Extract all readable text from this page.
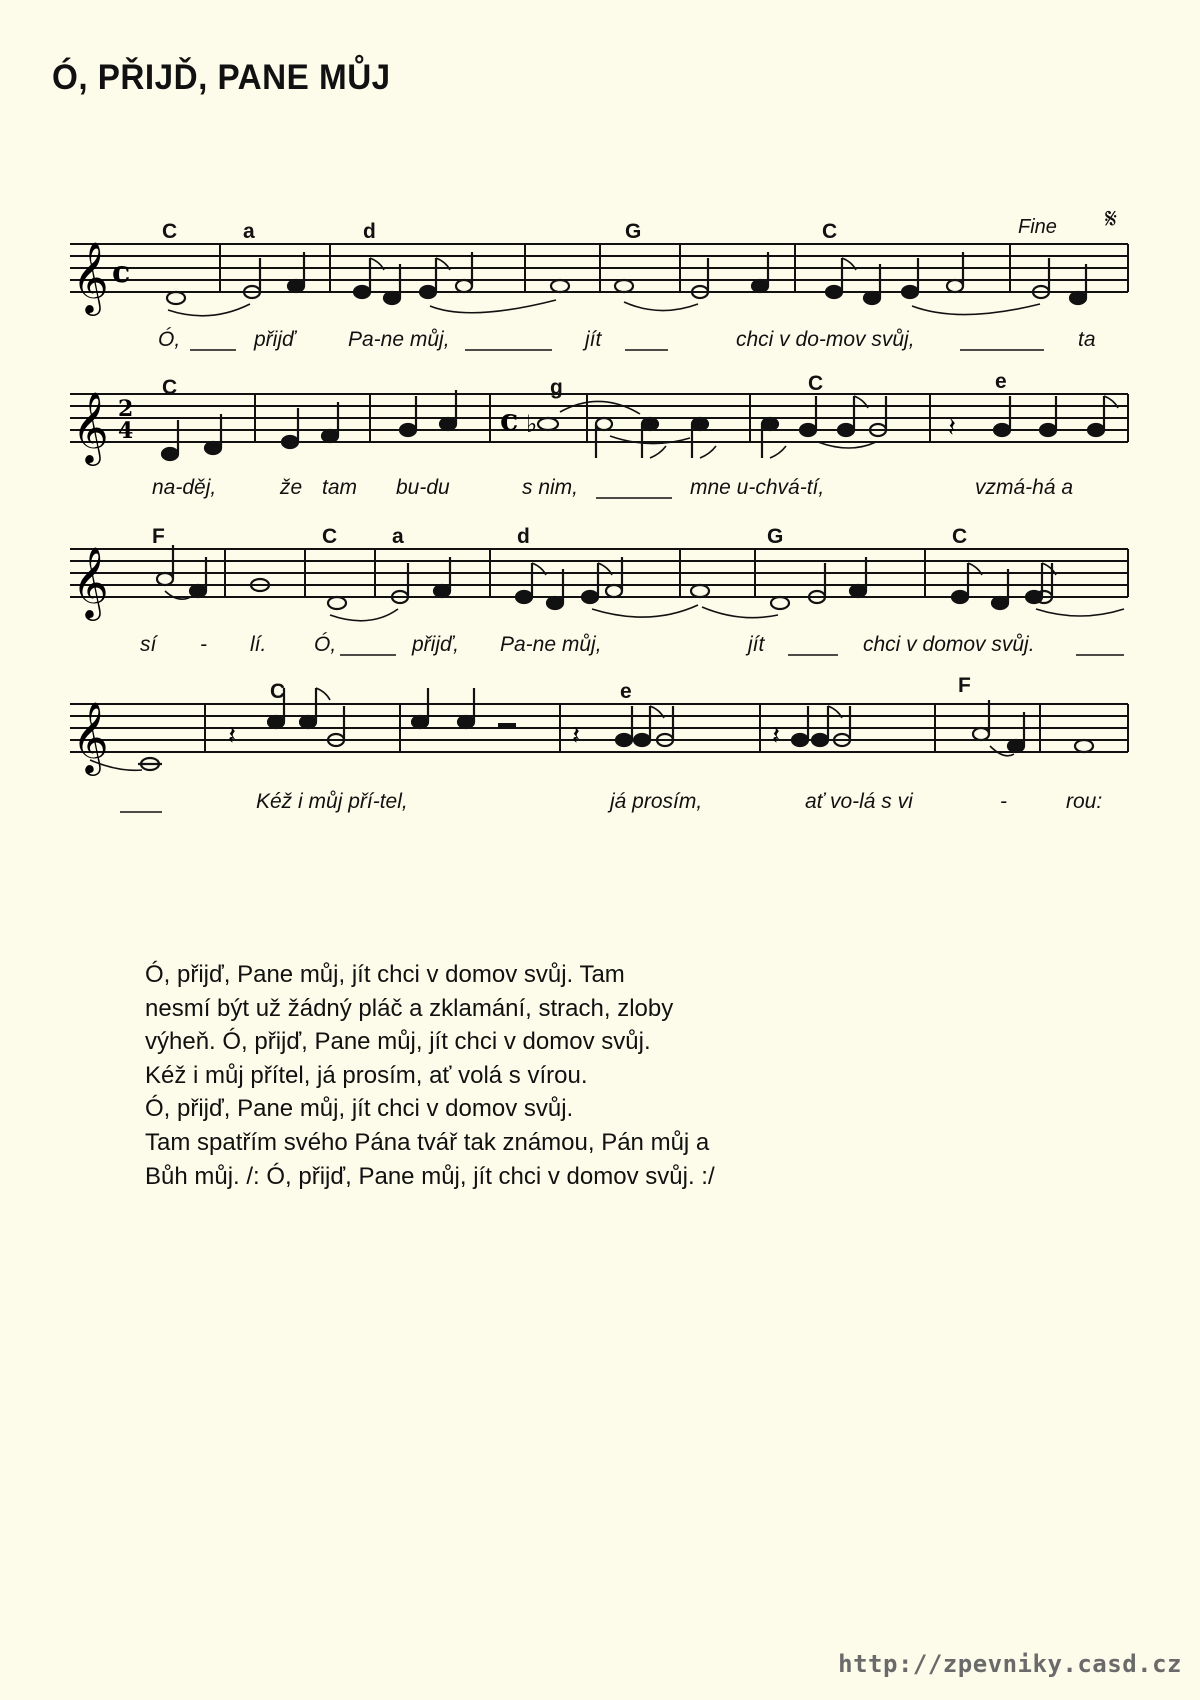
Ó, PŘIJĎ, PANE MŮJ
C	a	d	G	C	Fine 𝄋
𝄞 c
Ó,	přijď	Pa-ne můj,	jít	chci v do-mov svůj,	ta
C	g	C	e
𝄞 2
4	c ♭	𝄽
na-děj,	že tam bu-du	s nim,	mne u-chvá-tí,	vzmá-há a
F	C	a	d	G	C
𝄞
sí - lí. Ó,	přijď, Pa-ne můj,	jít	chci v domov svůj.
C	e	F
𝄞	𝄽	𝄽	𝄽
Kéž i můj pří-tel,	já prosím,	ať vo-lá s vi	-	rou:
Ó, přijď, Pane můj, jít chci v domov svůj. Tam
nesmí být už žádný pláč a zklamání, strach, zloby
výheň. Ó, přijď, Pane můj, jít chci v domov svůj.
Kéž i můj přítel, já prosím, ať volá s vírou.
Ó, přijď, Pane můj, jít chci v domov svůj.
Tam spatřím svého Pána tvář tak známou, Pán můj a
Bůh můj. /: Ó, přijď, Pane můj, jít chci v domov svůj. :/
http://zpevniky.casd.cz
